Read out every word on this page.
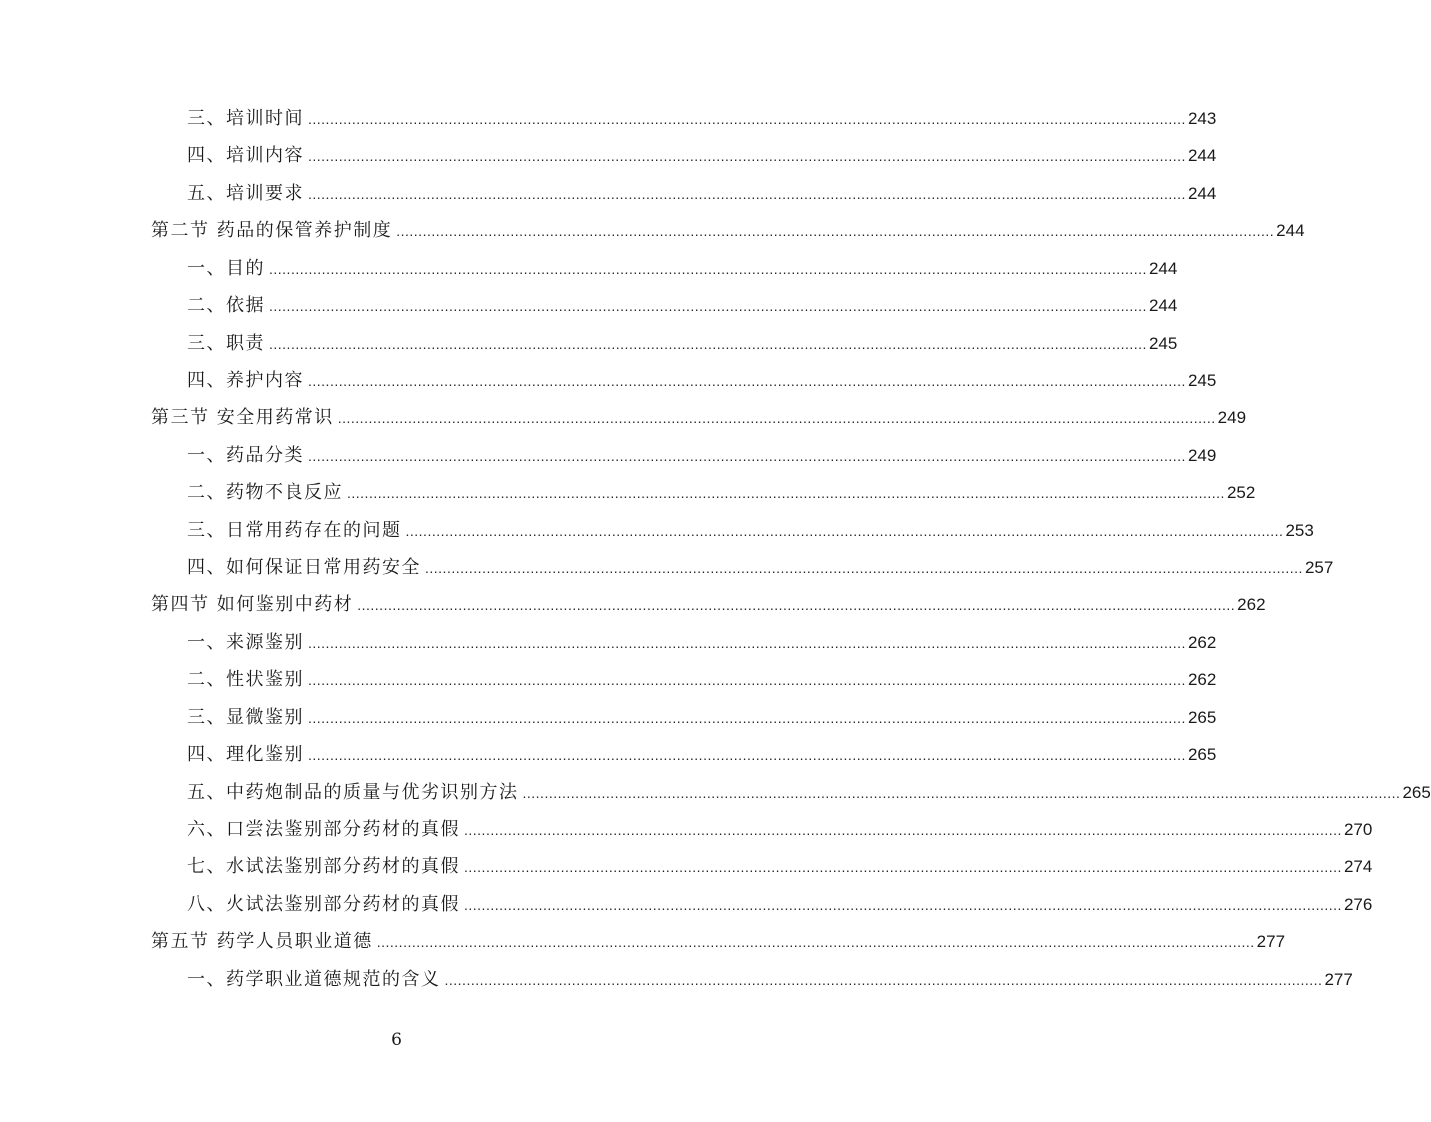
三、培训时间 ........................................................................................................................................................................................................ 243
四、培训内容 ........................................................................................................................................................................................................ 244
五、培训要求 ........................................................................................................................................................................................................ 244
第二节 药品的保管养护制度 ........................................................................................................................................................................................................ 244
一、目的 ........................................................................................................................................................................................................ 244
二、依据 ........................................................................................................................................................................................................ 244
三、职责 ........................................................................................................................................................................................................ 245
四、养护内容 ........................................................................................................................................................................................................ 245
第三节 安全用药常识 ........................................................................................................................................................................................................ 249
一、药品分类 ........................................................................................................................................................................................................ 249
二、药物不良反应 ........................................................................................................................................................................................................ 252
三、日常用药存在的问题 ........................................................................................................................................................................................................ 253
四、如何保证日常用药安全 ........................................................................................................................................................................................................ 257
第四节 如何鉴别中药材 ........................................................................................................................................................................................................ 262
一、来源鉴别 ........................................................................................................................................................................................................ 262
二、性状鉴别 ........................................................................................................................................................................................................ 262
三、显微鉴别 ........................................................................................................................................................................................................ 265
四、理化鉴别 ........................................................................................................................................................................................................ 265
五、中药炮制品的质量与优劣识别方法 ........................................................................................................................................................................................................ 265
六、口尝法鉴别部分药材的真假 ........................................................................................................................................................................................................ 270
七、水试法鉴别部分药材的真假 ........................................................................................................................................................................................................ 274
八、火试法鉴别部分药材的真假 ........................................................................................................................................................................................................ 276
第五节 药学人员职业道德 ........................................................................................................................................................................................................ 277
一、药学职业道德规范的含义 ........................................................................................................................................................................................................ 277
6
